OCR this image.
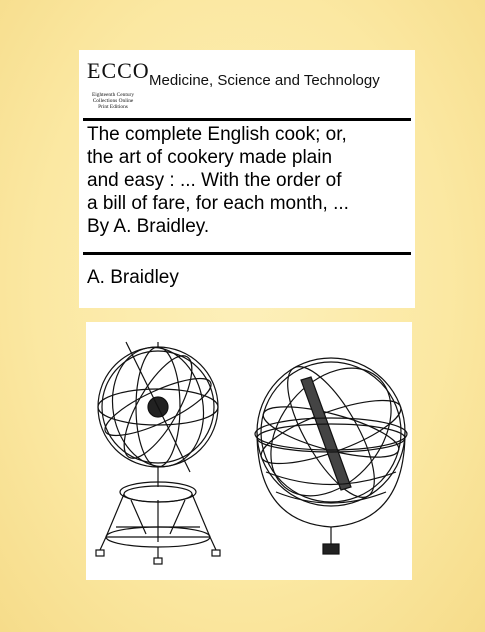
ECCO
Eighteenth Century
Collections Online
Print Editions
Medicine, Science and Technology
The complete English cook; or,
the art of cookery made plain
and easy : ... With the order of
a bill of fare, for each month, ...
By A. Braidley.
A. Braidley
